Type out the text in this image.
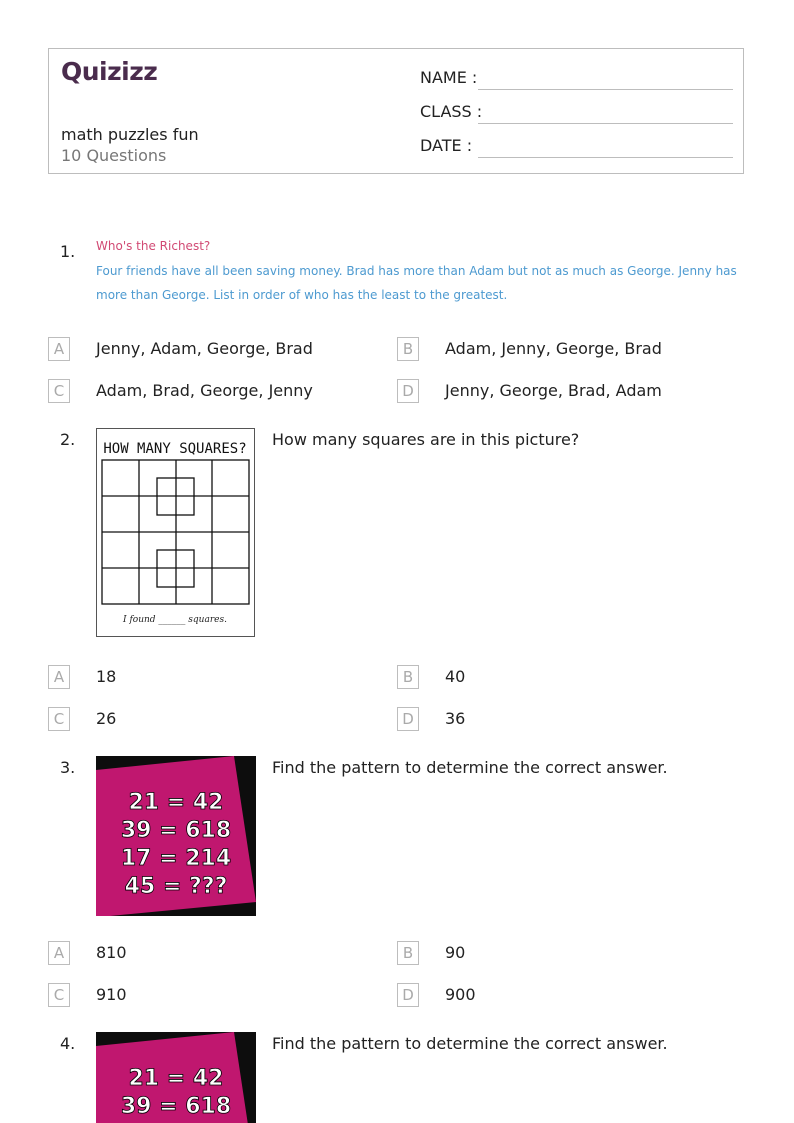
Quizizz
math puzzles fun
10 Questions
NAME :
CLASS :
DATE :
1. Who's the Richest?
Four friends have all been saving money. Brad has more than Adam but not as much as George. Jenny has more than George. List in order of who has the least to the greatest.
A	Jenny, Adam, George, Brad	B	Adam, Jenny, George, Brad
C	Adam, Brad, George, Jenny	D	Jenny, George, Brad, Adam
2. HOW MANY SQUARES?
I found ______ squares.
How many squares are in this picture?
A	18	B	40
C	26	D	36
3.
21 = 42
39 = 618
17 = 214
45 = ???
Find the pattern to determine the correct answer.
A	810	B	90
C	910	D	900
4.
21 = 42
39 = 618
Find the pattern to determine the correct answer.
